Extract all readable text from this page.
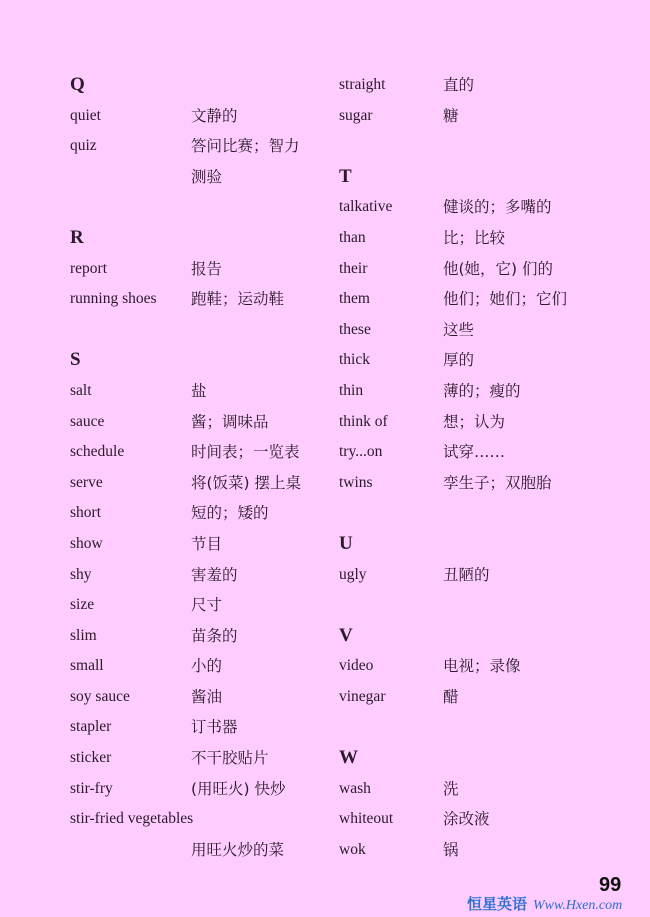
Q
quiet	文静的
quiz	答问比赛；智力
测验
R
report	报告
running shoes 跑鞋；运动鞋
S
salt	盐
sauce	酱；调味品
schedule	时间表；一览表
serve	将(饭菜) 摆上桌
short	短的；矮的
show	节目
shy	害羞的
size	尺寸
slim	苗条的
small	小的
soy sauce	酱油
stapler	订书器
sticker	不干胶贴片
stir-fry	(用旺火) 快炒
stir-fried vegetables
用旺火炒的菜
straight	直的
sugar	糖
T
talkative	健谈的；多嘴的
than	比；比较
their	他(她，它) 们的
them	他们；她们；它们
these	这些
thick	厚的
thin	薄的；瘦的
think of	想；认为
try...on	试穿……
twins	孪生子；双胞胎
U
ugly	丑陋的
V
video	电视；录像
vinegar	醋
W
wash	洗
whiteout	涂改液
wok	锅
99
恒星英语 Www.Hxen.com
